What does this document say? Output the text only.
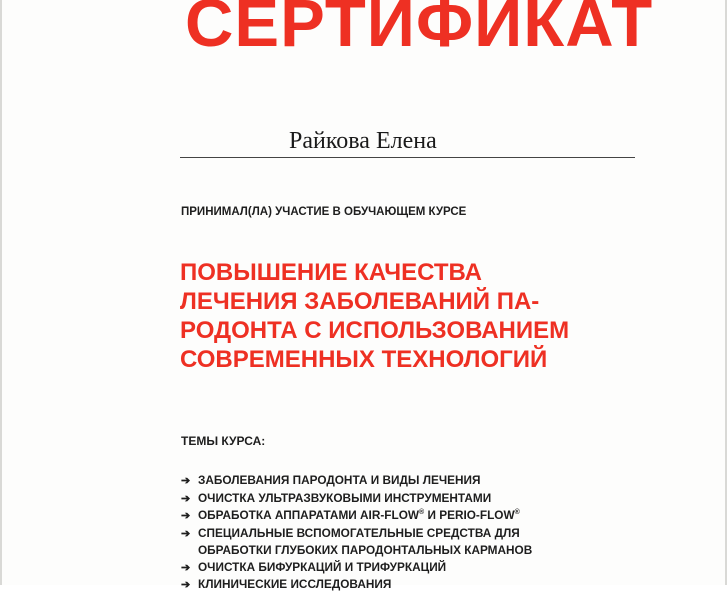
СЕРТИФИКАТ
Райкова Елена
ПРИНИМАЛ(ЛА) УЧАСТИЕ В ОБУЧАЮЩЕМ КУРСЕ
ПОВЫШЕНИЕ КАЧЕСТВА
ЛЕЧЕНИЯ ЗАБОЛЕВАНИЙ ПА-
РОДОНТА С ИСПОЛЬЗОВАНИЕМ
СОВРЕМЕННЫХ ТЕХНОЛОГИЙ
ТЕМЫ КУРСА:
➔ ЗАБОЛЕВАНИЯ ПАРОДОНТА И ВИДЫ ЛЕЧЕНИЯ
➔ ОЧИСТКА УЛЬТРАЗВУКОВЫМИ ИНСТРУМЕНТАМИ
➔ ОБРАБОТКА АППАРАТАМИ AIR-FLOW® И PERIO-FLOW®
➔ СПЕЦИАЛЬНЫЕ ВСПОМОГАТЕЛЬНЫЕ СРЕДСТВА ДЛЯ
ОБРАБОТКИ ГЛУБОКИХ ПАРОДОНТАЛЬНЫХ КАРМАНОВ
➔ ОЧИСТКА БИФУРКАЦИЙ И ТРИФУРКАЦИЙ
➔ КЛИНИЧЕСКИЕ ИССЛЕДОВАНИЯ
